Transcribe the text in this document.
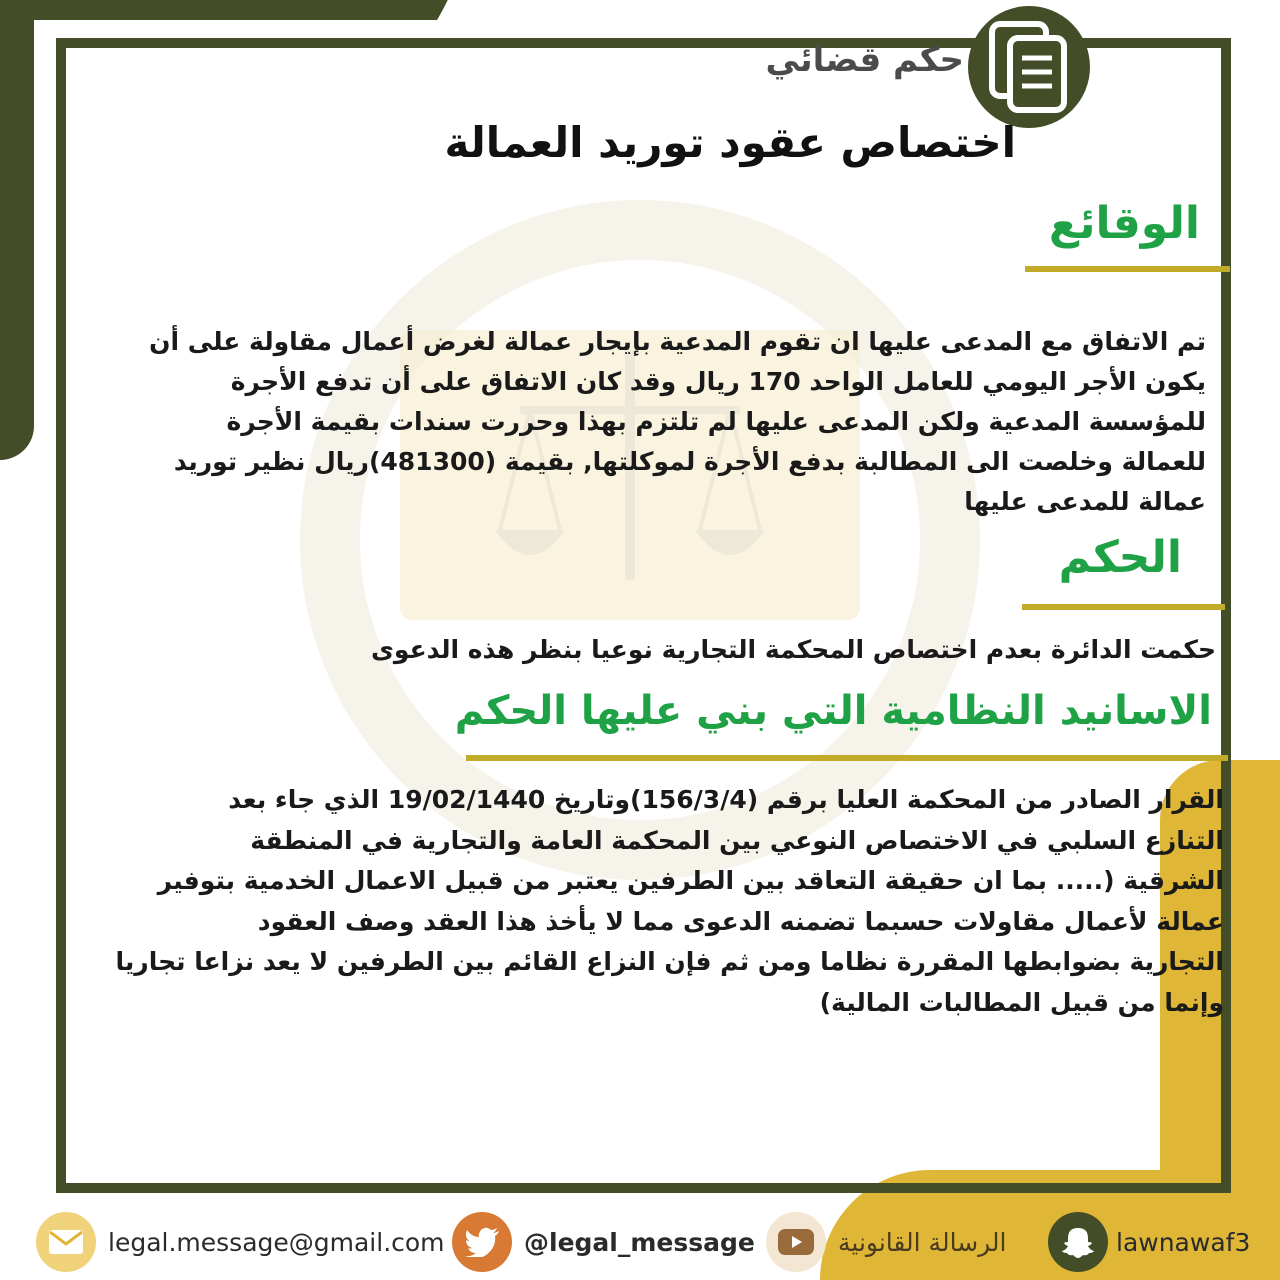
حكم قضائي
اختصاص عقود توريد العمالة
الوقائع
تم الاتفاق مع المدعى عليها ان تقوم المدعية بإيجار عمالة لغرض أعمال مقاولة على أن
يكون الأجر اليومي للعامل الواحد 170 ريال وقد كان الاتفاق على أن تدفع الأجرة
للمؤسسة المدعية ولكن المدعى عليها لم تلتزم بهذا وحررت سندات بقيمة الأجرة
للعمالة وخلصت الى المطالبة بدفع الأجرة لموكلتها, بقيمة (481300)ريال نظير توريد
عمالة للمدعى عليها
الحكم
حكمت الدائرة بعدم اختصاص المحكمة التجارية نوعيا بنظر هذه الدعوى
الاسانيد النظامية التي بني عليها الحكم
القرار الصادر من المحكمة العليا برقم (156/3/4)وتاريخ 19/02/1440 الذي جاء بعد
التنازع السلبي في الاختصاص النوعي بين المحكمة العامة والتجارية في المنطقة
الشرقية (..... بما ان حقيقة التعاقد بين الطرفين يعتبر من قبيل الاعمال الخدمية بتوفير
عمالة لأعمال مقاولات حسبما تضمنه الدعوى مما لا يأخذ هذا العقد وصف العقود
التجارية بضوابطها المقررة نظاما ومن ثم فإن النزاع القائم بين الطرفين لا يعد نزاعا تجاريا
وإنما من قبيل المطالبات المالية)
legal.message@gmail.com	@legal_message	الرسالة القانونية	lawnawaf3
